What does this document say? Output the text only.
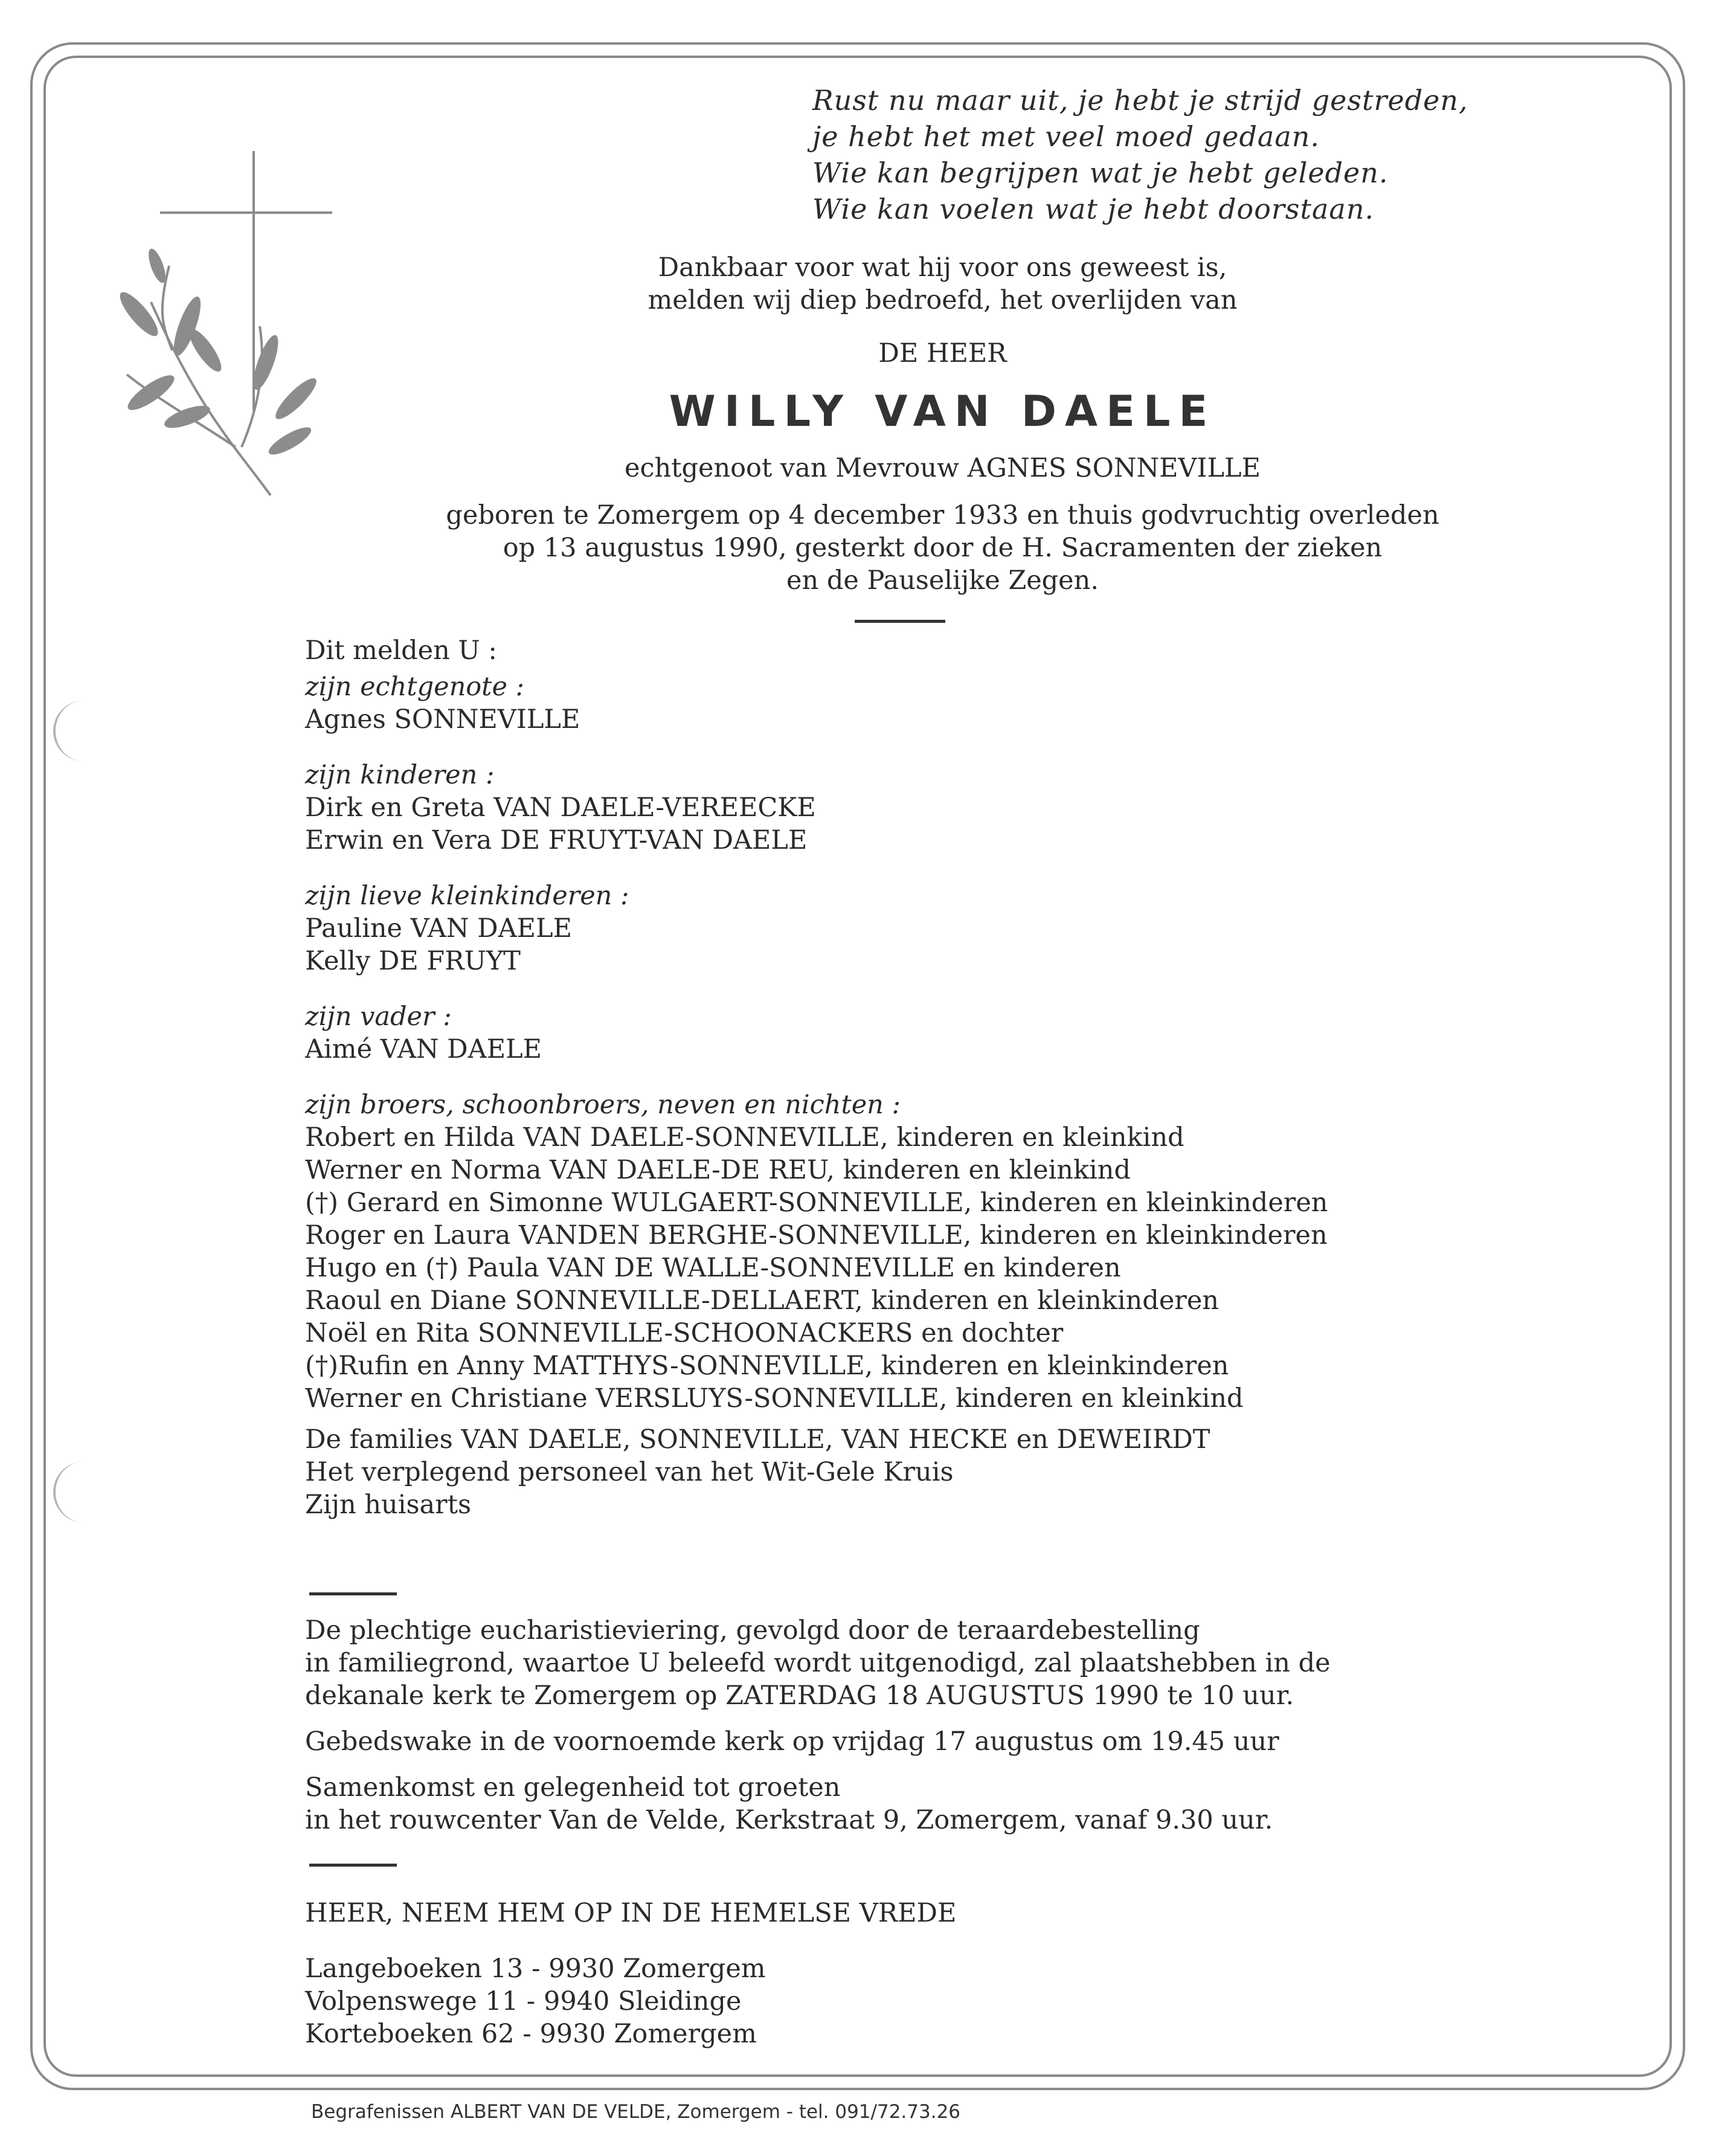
Rust nu maar uit, je hebt je strijd gestreden,
je hebt het met veel moed gedaan.
Wie kan begrijpen wat je hebt geleden.
Wie kan voelen wat je hebt doorstaan.
Dankbaar voor wat hij voor ons geweest is,
melden wij diep bedroefd, het overlijden van
DE HEER
WILLY VAN DAELE
echtgenoot van Mevrouw AGNES SONNEVILLE
geboren te Zomergem op 4 december 1933 en thuis godvruchtig overleden
op 13 augustus 1990, gesterkt door de H. Sacramenten der zieken
en de Pauselijke Zegen.
Dit melden U :
zijn echtgenote :
Agnes SONNEVILLE
zijn kinderen :
Dirk en Greta VAN DAELE-VEREECKE
Erwin en Vera DE FRUYT-VAN DAELE
zijn lieve kleinkinderen :
Pauline VAN DAELE
Kelly DE FRUYT
zijn vader :
Aimé VAN DAELE
zijn broers, schoonbroers, neven en nichten :
Robert en Hilda VAN DAELE-SONNEVILLE, kinderen en kleinkind
Werner en Norma VAN DAELE-DE REU, kinderen en kleinkind
(†) Gerard en Simonne WULGAERT-SONNEVILLE, kinderen en kleinkinderen
Roger en Laura VANDEN BERGHE-SONNEVILLE, kinderen en kleinkinderen
Hugo en (†) Paula VAN DE WALLE-SONNEVILLE en kinderen
Raoul en Diane SONNEVILLE-DELLAERT, kinderen en kleinkinderen
Noël en Rita SONNEVILLE-SCHOONACKERS en dochter
(†)Rufin en Anny MATTHYS-SONNEVILLE, kinderen en kleinkinderen
Werner en Christiane VERSLUYS-SONNEVILLE, kinderen en kleinkind
De families VAN DAELE, SONNEVILLE, VAN HECKE en DEWEIRDT
Het verplegend personeel van het Wit-Gele Kruis
Zijn huisarts
De plechtige eucharistieviering, gevolgd door de teraardebestelling
in familiegrond, waartoe U beleefd wordt uitgenodigd, zal plaatshebben in de
dekanale kerk te Zomergem op ZATERDAG 18 AUGUSTUS 1990 te 10 uur.
Gebedswake in de voornoemde kerk op vrijdag 17 augustus om 19.45 uur
Samenkomst en gelegenheid tot groeten
in het rouwcenter Van de Velde, Kerkstraat 9, Zomergem, vanaf 9.30 uur.
HEER, NEEM HEM OP IN DE HEMELSE VREDE
Langeboeken 13 - 9930 Zomergem
Volpenswege 11 - 9940 Sleidinge
Korteboeken 62 - 9930 Zomergem
Begrafenissen ALBERT VAN DE VELDE, Zomergem - tel. 091/72.73.26
